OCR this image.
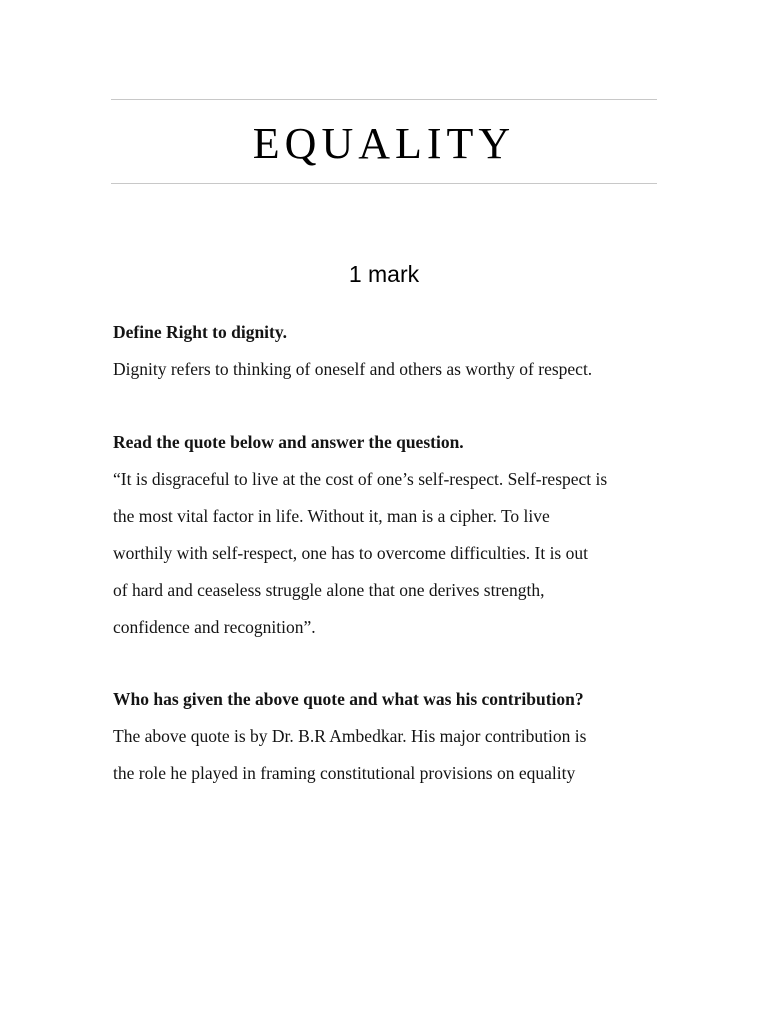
EQUALITY
1 mark

Define Right to dignity.

Dignity refers to thinking of oneself and others as worthy of respect.

Read the quote below and answer the question.

“It is disgraceful to live at the cost of one’s self-respect. Self-respect is
the most vital factor in life. Without it, man is a cipher. To live
worthily with self-respect, one has to overcome difficulties. It is out
of hard and ceaseless struggle alone that one derives strength,
confidence and recognition”.

Who has given the above quote and what was his contribution?

The above quote is by Dr. B.R Ambedkar. His major contribution is
the role he played in framing constitutional provisions on equality
